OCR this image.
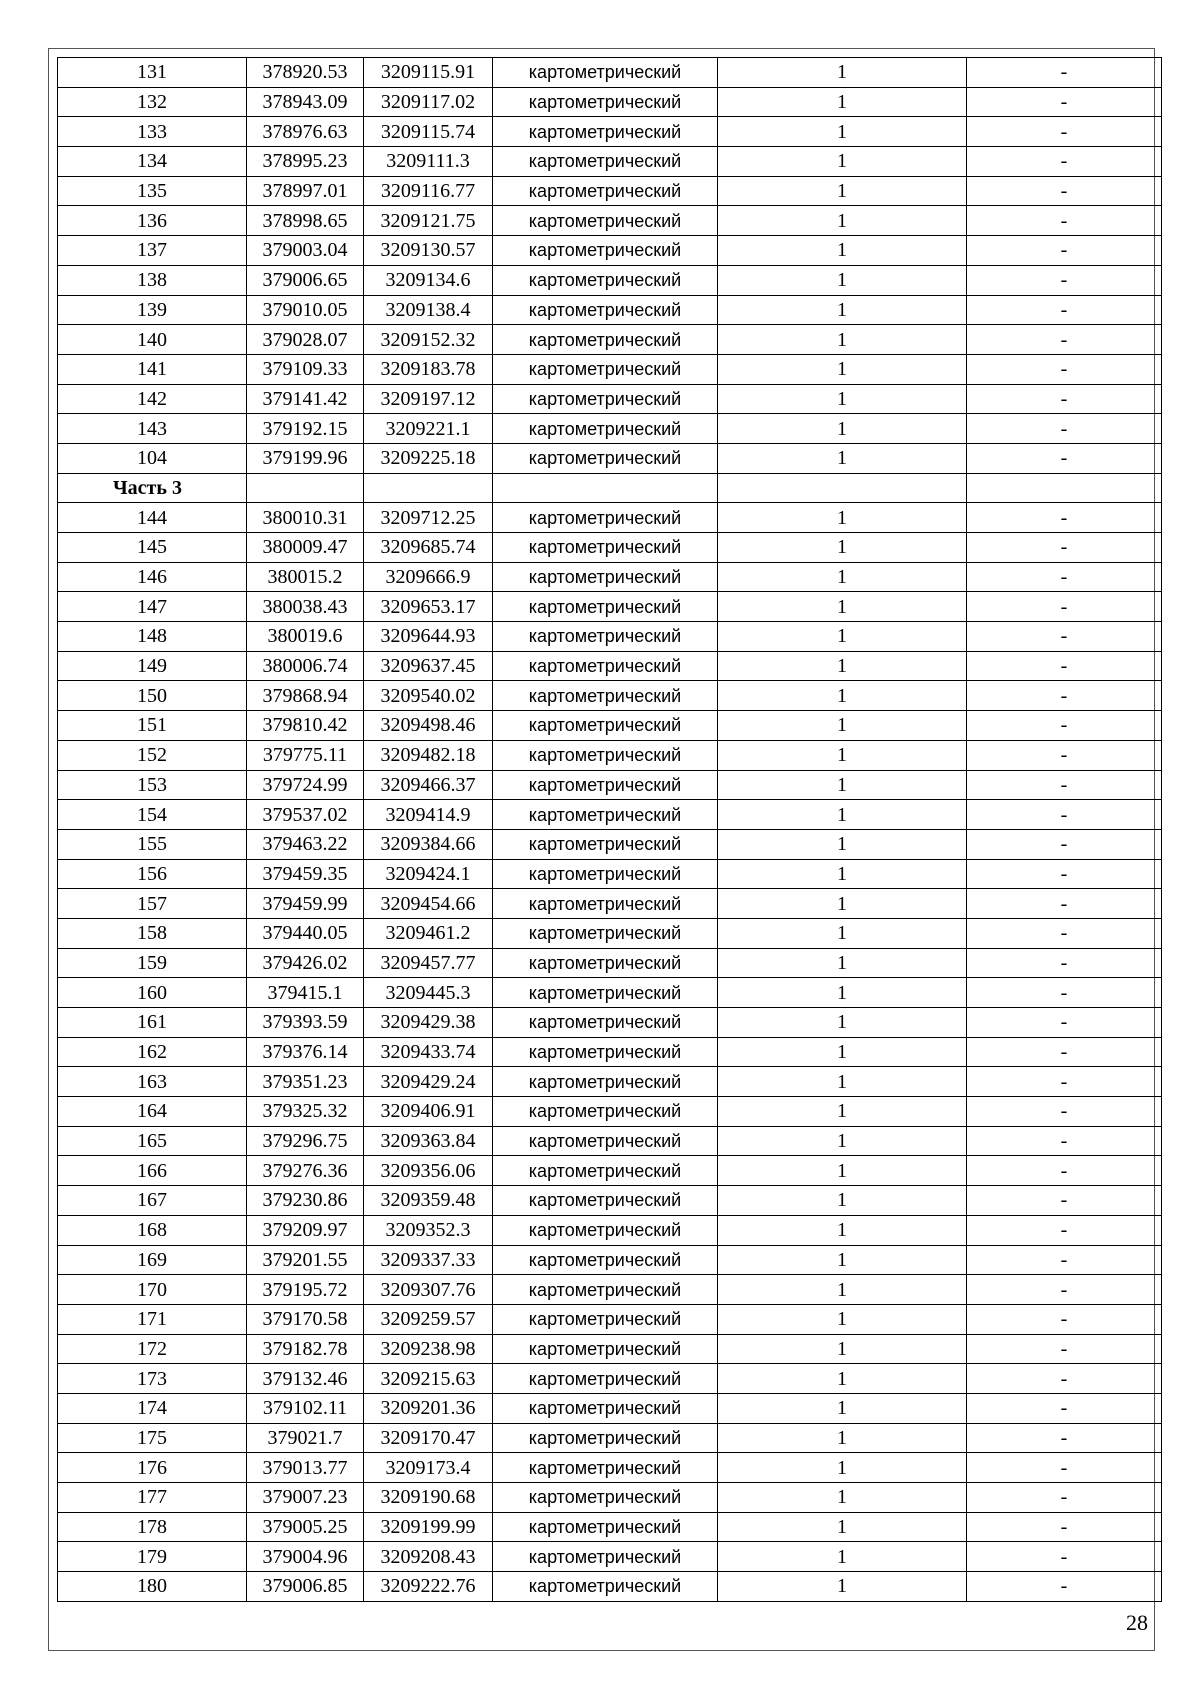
131	378920.53	3209115.91	картометрический	1	-
132	378943.09	3209117.02	картометрический	1	-
133	378976.63	3209115.74	картометрический	1	-
134	378995.23	3209111.3	картометрический	1	-
135	378997.01	3209116.77	картометрический	1	-
136	378998.65	3209121.75	картометрический	1	-
137	379003.04	3209130.57	картометрический	1	-
138	379006.65	3209134.6	картометрический	1	-
139	379010.05	3209138.4	картометрический	1	-
140	379028.07	3209152.32	картометрический	1	-
141	379109.33	3209183.78	картометрический	1	-
142	379141.42	3209197.12	картометрический	1	-
143	379192.15	3209221.1	картометрический	1	-
104	379199.96	3209225.18	картометрический	1	-
Часть 3					
144	380010.31	3209712.25	картометрический	1	-
145	380009.47	3209685.74	картометрический	1	-
146	380015.2	3209666.9	картометрический	1	-
147	380038.43	3209653.17	картометрический	1	-
148	380019.6	3209644.93	картометрический	1	-
149	380006.74	3209637.45	картометрический	1	-
150	379868.94	3209540.02	картометрический	1	-
151	379810.42	3209498.46	картометрический	1	-
152	379775.11	3209482.18	картометрический	1	-
153	379724.99	3209466.37	картометрический	1	-
154	379537.02	3209414.9	картометрический	1	-
155	379463.22	3209384.66	картометрический	1	-
156	379459.35	3209424.1	картометрический	1	-
157	379459.99	3209454.66	картометрический	1	-
158	379440.05	3209461.2	картометрический	1	-
159	379426.02	3209457.77	картометрический	1	-
160	379415.1	3209445.3	картометрический	1	-
161	379393.59	3209429.38	картометрический	1	-
162	379376.14	3209433.74	картометрический	1	-
163	379351.23	3209429.24	картометрический	1	-
164	379325.32	3209406.91	картометрический	1	-
165	379296.75	3209363.84	картометрический	1	-
166	379276.36	3209356.06	картометрический	1	-
167	379230.86	3209359.48	картометрический	1	-
168	379209.97	3209352.3	картометрический	1	-
169	379201.55	3209337.33	картометрический	1	-
170	379195.72	3209307.76	картометрический	1	-
171	379170.58	3209259.57	картометрический	1	-
172	379182.78	3209238.98	картометрический	1	-
173	379132.46	3209215.63	картометрический	1	-
174	379102.11	3209201.36	картометрический	1	-
175	379021.7	3209170.47	картометрический	1	-
176	379013.77	3209173.4	картометрический	1	-
177	379007.23	3209190.68	картометрический	1	-
178	379005.25	3209199.99	картометрический	1	-
179	379004.96	3209208.43	картометрический	1	-
180	379006.85	3209222.76	картометрический	1	-
28
